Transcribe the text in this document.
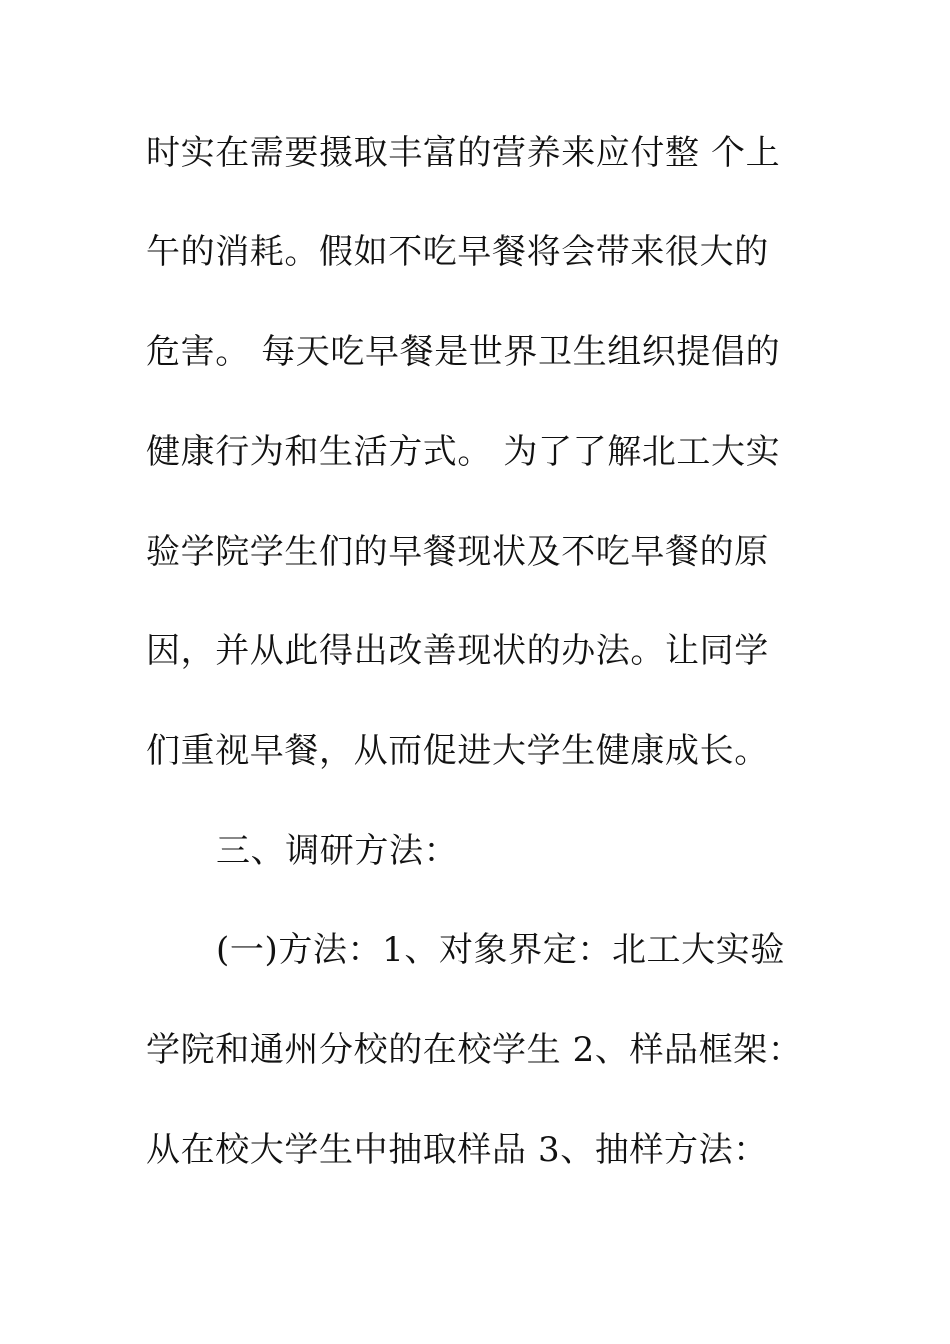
时实在需要摄取丰富的营养来应付整 个上
午的消耗。假如不吃早餐将会带来很大的
危害。 每天吃早餐是世界卫生组织提倡的
健康行为和生活方式。 为了了解北工大实
验学院学生们的早餐现状及不吃早餐的原
因，并从此得出改善现状的办法。让同学
们重视早餐，从而促进大学生健康成长。
三、调研方法：
(一)方法：1、对象界定：北工大实验
学院和通州分校的在校学生 2、样品框架：
从在校大学生中抽取样品 3、抽样方法：
